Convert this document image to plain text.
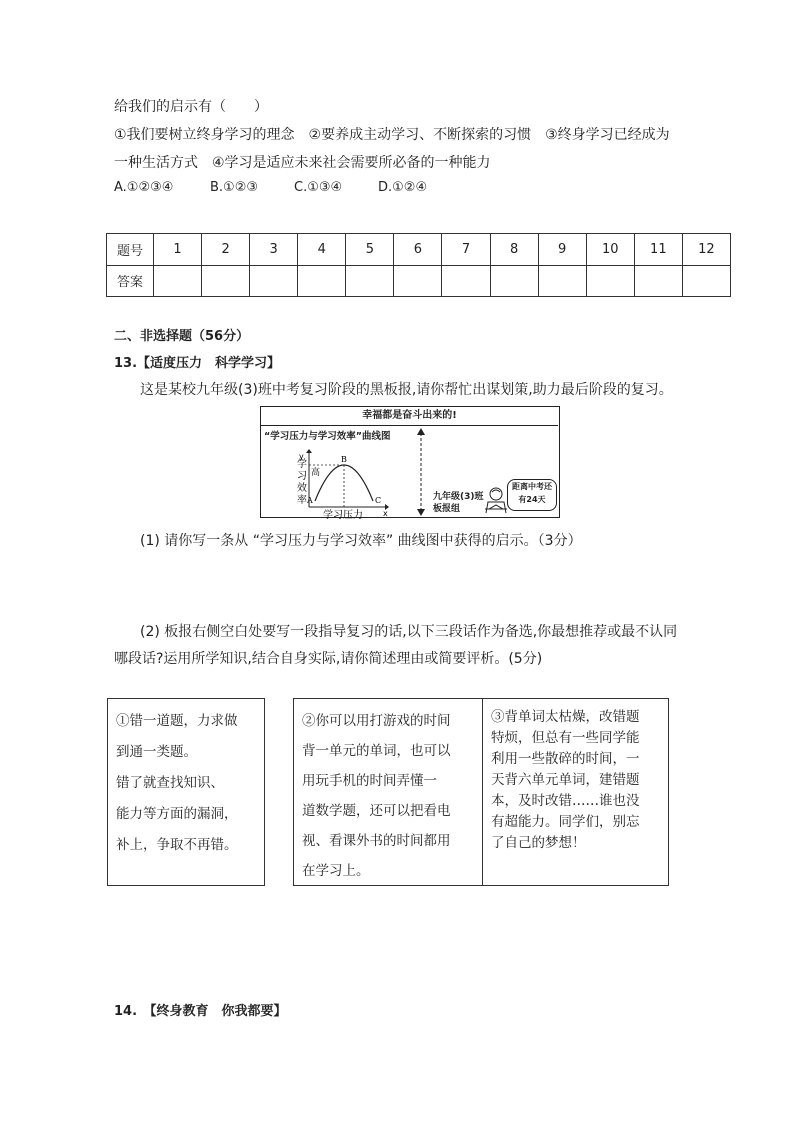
给我们的启示有（　　）
①我们要树立终身学习的理念　②要养成主动学习、不断探索的习惯　③终身学习已经成为
一种生活方式　④学习是适应未来社会需要所必备的一种能力
A.①②③④	B.①②③	C.①③④	D.①②④
题号	1	2	3	4	5	6	7	8	9	10	11	12
答案												
二、非选择题（56分）
13.【适度压力　科学学习】
这是某校九年级(3)班中考复习阶段的黑板报,请你帮忙出谋划策,助力最后阶段的复习。
幸福都是奋斗出来的!
“学习压力与学习效率”曲线图
x
y
学
习
效
率
学习压力
高
A
B
C	九年级(3)班
板报组
距离中考还
有24天
(1) 请你写一条从 “学习压力与学习效率” 曲线图中获得的启示。（3分）
(2) 板报右侧空白处要写一段指导复习的话,以下三段话作为备选,你最想推荐或最不认同
哪段话?运用所学知识,结合自身实际,请你简述理由或简要评析。(5分)
①错一道题，力求做
到通一类题。
错了就查找知识、
能力等方面的漏洞，
补上，争取不再错。
②你可以用打游戏的时间
背一单元的单词，也可以
用玩手机的时间弄懂一
道数学题，还可以把看电
视、看课外书的时间都用
在学习上。
③背单词太枯燥，改错题
特烦，但总有一些同学能
利用一些散碎的时间，一
天背六单元单词，建错题
本，及时改错……谁也没
有超能力。同学们，别忘
了自己的梦想！
14.　【终身教育　你我都要】
